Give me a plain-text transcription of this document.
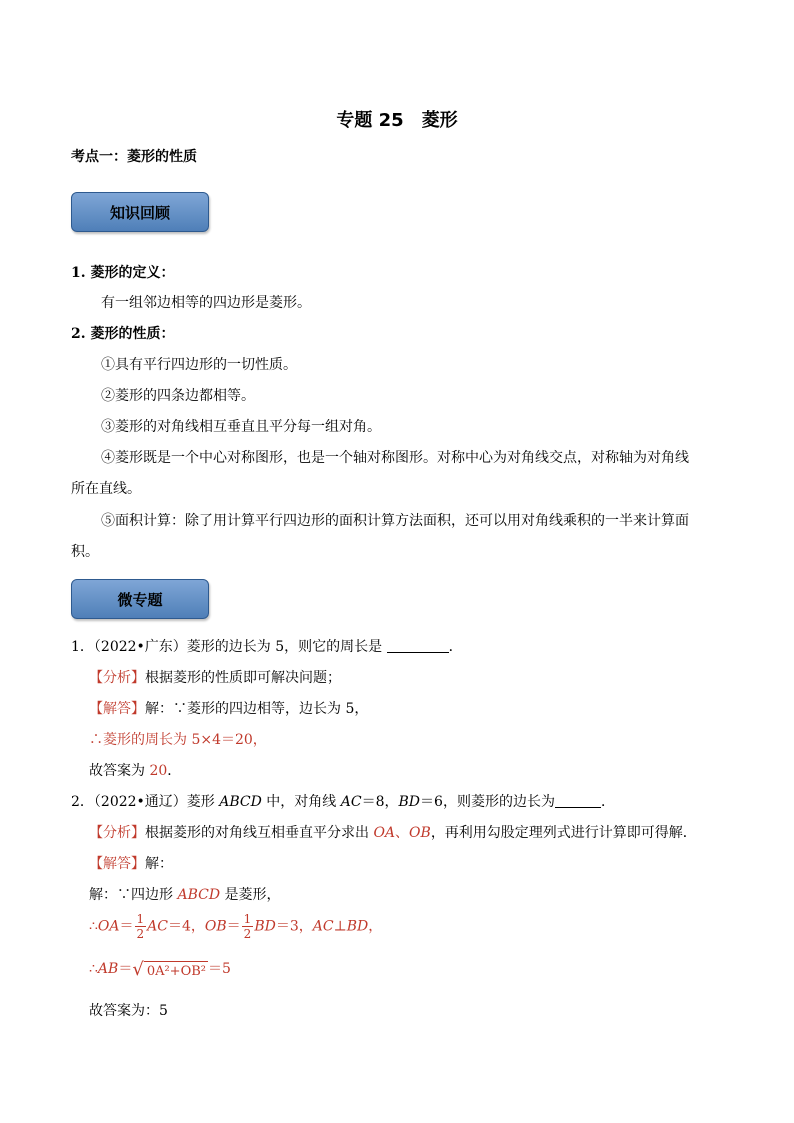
专题 25　菱形
考点一：菱形的性质
知识回顾
1. 菱形的定义：
有一组邻边相等的四边形是菱形。
2. 菱形的性质：
①具有平行四边形的一切性质。
②菱形的四条边都相等。
③菱形的对角线相互垂直且平分每一组对角。
④菱形既是一个中心对称图形，也是一个轴对称图形。对称中心为对角线交点，对称轴为对角线
所在直线。
⑤面积计算：除了用计算平行四边形的面积计算方法面积，还可以用对角线乘积的一半来计算面
积。
微专题
1．（2022•广东）菱形的边长为 5，则它的周长是	．
【分析】根据菱形的性质即可解决问题；
【解答】解：∵菱形的四边相等，边长为 5，
∴菱形的周长为 5×4＝20，
故答案为 20．
2．（2022•通辽）菱形 ABCD 中，对角线 AC＝8，BD＝6，则菱形的边长为	．
【分析】根据菱形的对角线互相垂直平分求出 OA、OB，再利用勾股定理列式进行计算即可得解．
【解答】解：
解：∵四边形 ABCD 是菱形，
∴OA＝ $\frac{1}{2} AC=4$，$OB= \frac{1}{2} BD=3$，AC⊥BD，
∴AB＝√ 0A²+OB² ＝5
故答案为：5
